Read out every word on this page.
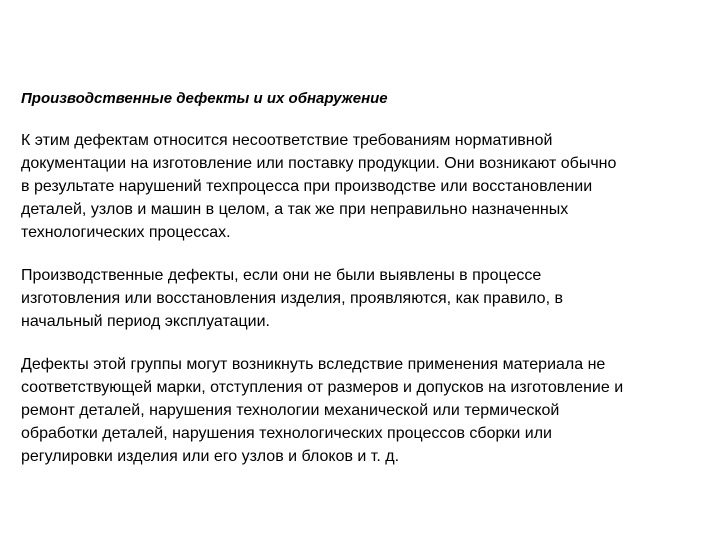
Производственные дефекты и их обнаружение
К этим дефектам относится несоответствие требованиям нормативной
документации на изготовление или поставку продукции. Они возникают обычно
в результате нарушений техпроцесса при производстве или восстановлении
деталей, узлов и машин в целом, а так же при неправильно назначенных
технологических процессах.
Производственные дефекты, если они не были выявлены в процессе
изготовления или восстановления изделия, проявляются, как правило, в
начальный период эксплуатации.
Дефекты этой группы могут возникнуть вследствие применения материала не
соответствующей марки, отступления от размеров и допусков на изготовление и
ремонт деталей, нарушения технологии механической или термической
обработки деталей, нарушения технологических процессов сборки или
регулировки изделия или его узлов и блоков и т. д.
